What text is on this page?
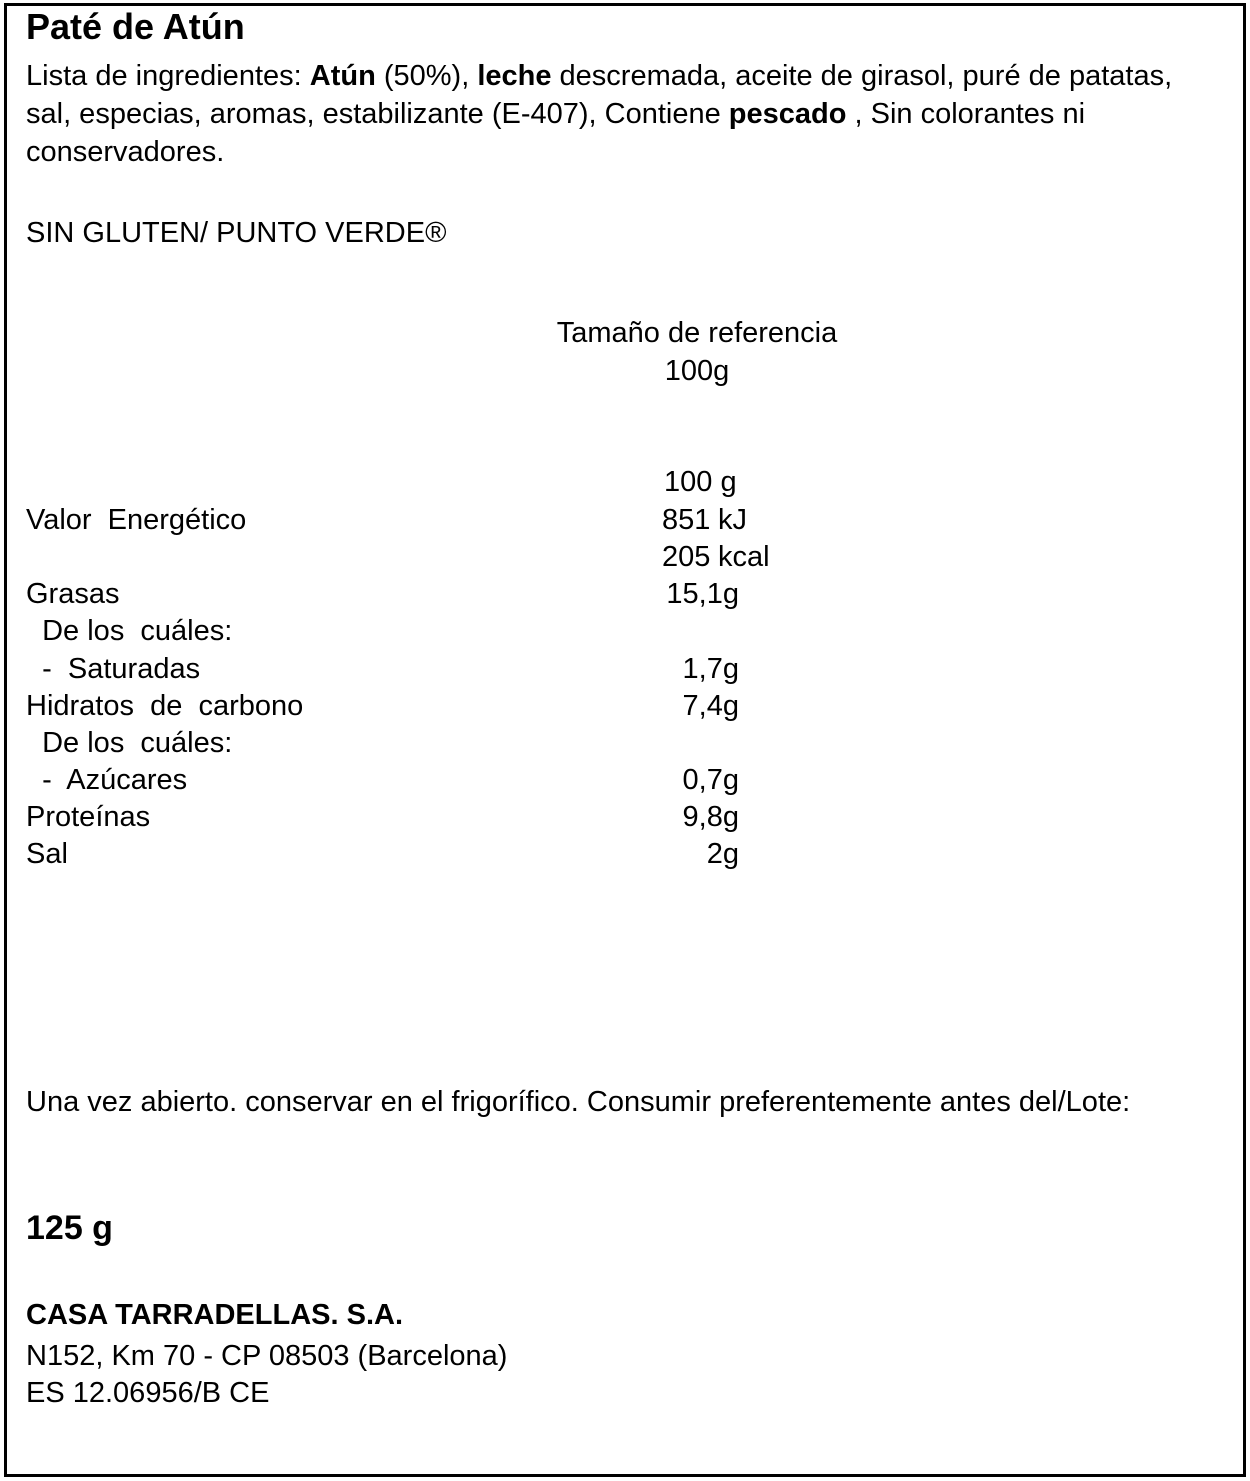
Paté de Atún
Lista de ingredientes: Atún (50%), leche descremada, aceite de girasol, puré de patatas, sal, especias, aromas, estabilizante (E-407), Contiene pescado , Sin colorantes ni conservadores.
SIN GLUTEN/ PUNTO VERDE®
Tamaño de referencia
100g
100 g
Valor  Energético	851 kJ
205 kcal
Grasas	15,1g
De los  cuáles:
-  Saturadas	1,7g
Hidratos  de  carbono	7,4g
De los  cuáles:
-  Azúcares	0,7g
Proteínas	9,8g
Sal	2g
Una vez abierto. conservar en el frigorífico. Consumir preferentemente antes del/Lote:
125 g
CASA TARRADELLAS. S.A.
N152, Km 70 - CP 08503 (Barcelona)
ES 12.06956/B CE
